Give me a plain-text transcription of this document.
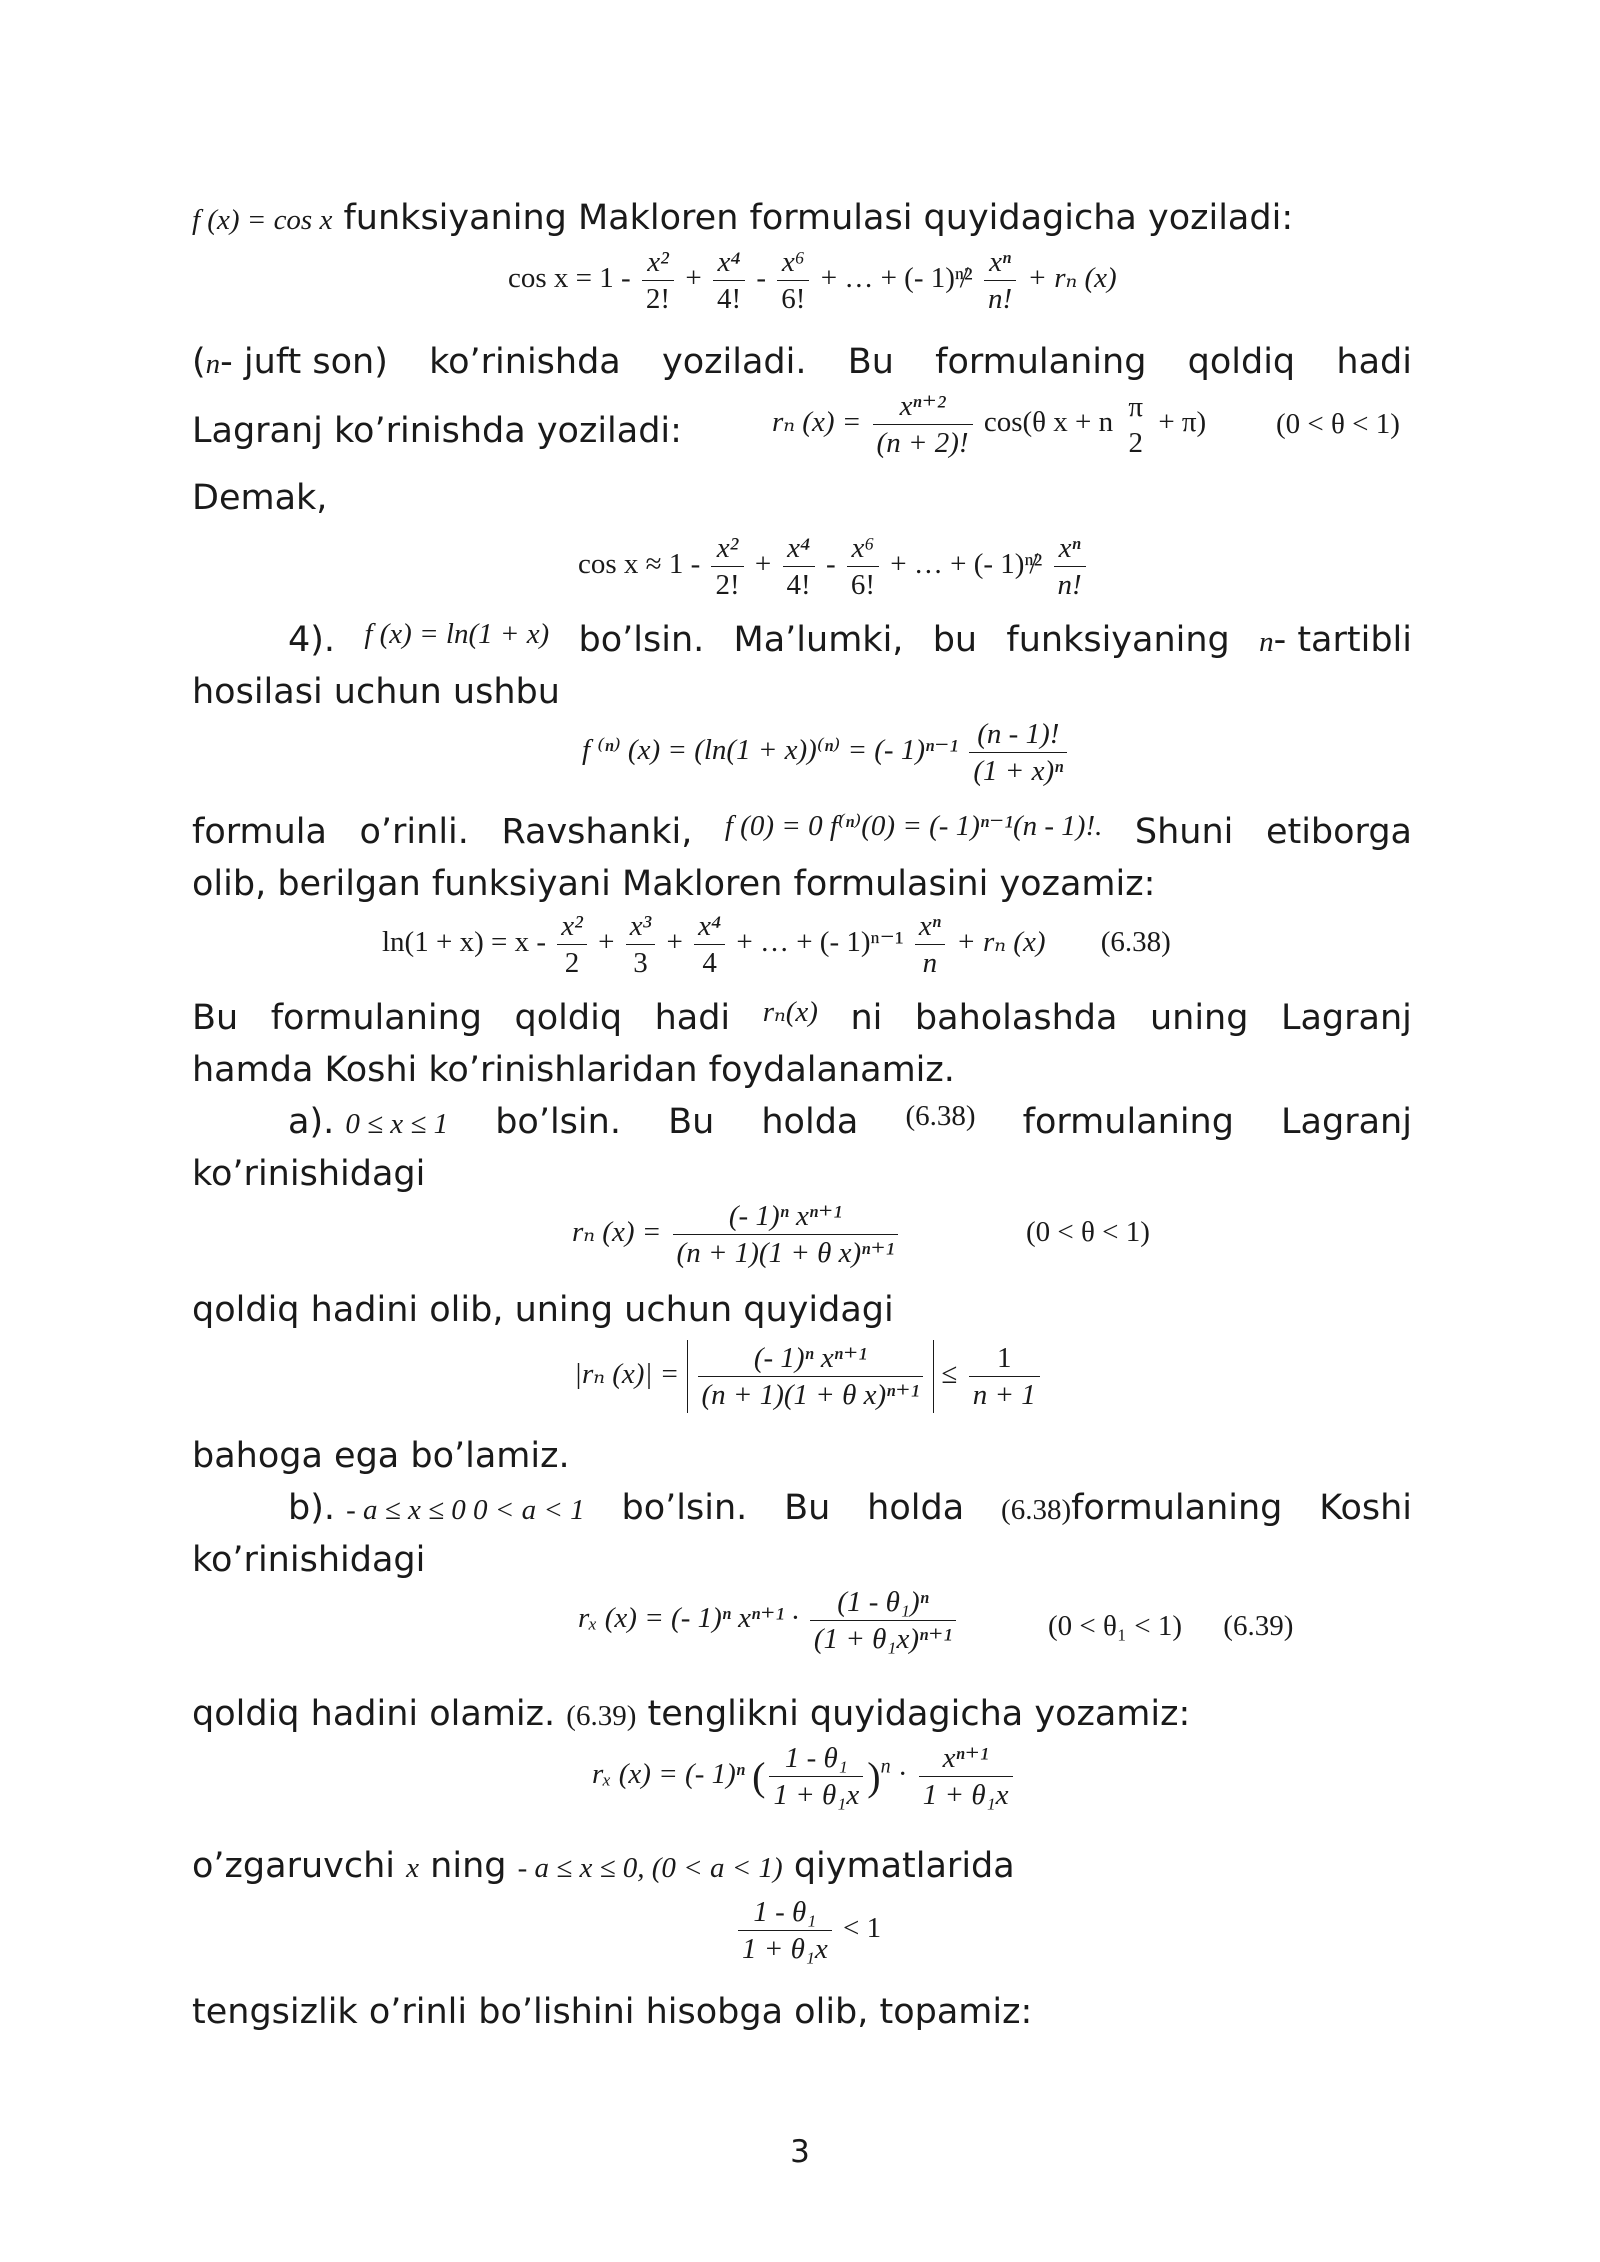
f (x) = cos x funksiyaning Makloren formulasi quyidagicha yoziladi:
$\cos x = 1 - \frac{\text{x²}}{2!} + \frac{\text{x⁴}}{4!} - \frac{\text{x⁶}}{6!}$ + … + (- 1)ⁿ̸² $\frac{\text{xⁿ}}{n!} + r_n$ (x)
(n- juft son) ko’rinishda yoziladi. Bu formulaning qoldiq hadi
Lagranj ko’rinishda yoziladi:	rₙ $(x) = \frac{\text{xⁿ⁺²}}{(n + 2)!} \cos(\theta$ x + n π
2
+ π) (0 < θ < 1)
Demak,
$\cos x \approx 1 - \frac{\text{x²}}{2!} + \frac{\text{x⁴}}{4!} - \frac{\text{x⁶}}{6!}$ + … + (- 1)ⁿ̸² $\frac{\text{xⁿ}}{n!}$
4). f (x) = ln(1 + x) bo’lsin. Ma’lumki, bu funksiyaning n- tartibli
hosilasi uchun ushbu
f ⁽ⁿ⁾ (x) = (ln(1 + x))⁽ⁿ⁾ = (- $1)^{n-1} \frac{(n - 1)!}{\text{(1 + x)ⁿ}}$
formula o’rinli. Ravshanki, f (0) = 0 f⁽ⁿ⁾(0) = (- 1)ⁿ⁻¹(n - 1)!. Shuni etiborga
olib, berilgan funksiyani Makloren formulasini yozamiz:
$\ln(1 + x) = x - \frac{\text{x²}}{2} + \frac{\text{x³}}{3} + \frac{\text{x⁴}}{4}$ + … + (- $1)^{n-1} \frac{\text{xⁿ}}{n} + r_n$ (x) (6.38)
Bu formulaning qoldiq hadi rₙ(x) ni baholashda uning Lagranj
hamda Koshi ko’rinishlaridan foydalanamiz.
a). 0 ≤ x ≤ 1 bo’lsin. Bu holda (6.38) formulaning Lagranj
ko’rinishidagi
rₙ $(x) = \frac{\text{(- 1)ⁿ xⁿ⁺¹}}{\text{(n + 1)(1 + θ x)ⁿ⁺¹}}$	(0 < θ < 1)
qoldiq hadini olib, uning uchun quyidagi
|rₙ $(x)| = \frac{\text{(- 1)ⁿ xⁿ⁺¹}}{\text{(n + 1)(1 + θ x)ⁿ⁺¹}} \le \frac{1}{n + 1}$
bahoga ega bo’lamiz.
b). - a ≤ x ≤ 0 0 < a < 1 bo’lsin. Bu holda (6.38)formulaning Koshi
ko’rinishidagi
rₓ (x) = (- 1)ⁿ $x^{n+1} \cdot \frac{\text{(1 - θ₁)ⁿ}}{\text{(1 + θ₁x)ⁿ⁺¹}}$	(0 < θ₁ < 1) (6.39)
qoldiq hadini olamiz. (6.39) tenglikni quyidagicha yozamiz:
rₓ (x) = (- 1)ⁿ ( $\frac{\text{1 - θ₁}}{\text{1 + θ₁x}} )^n \cdot \frac{\text{xⁿ⁺¹}}{\text{1 + θ₁x}}$
o’zgaruvchi x ning - a ≤ x ≤ 0, (0 < a < 1) qiymatlarida
$\frac{\text{1 - θ₁}}{\text{1 + θ₁x}} < 1$
tengsizlik o’rinli bo’lishini hisobga olib, topamiz:
3
